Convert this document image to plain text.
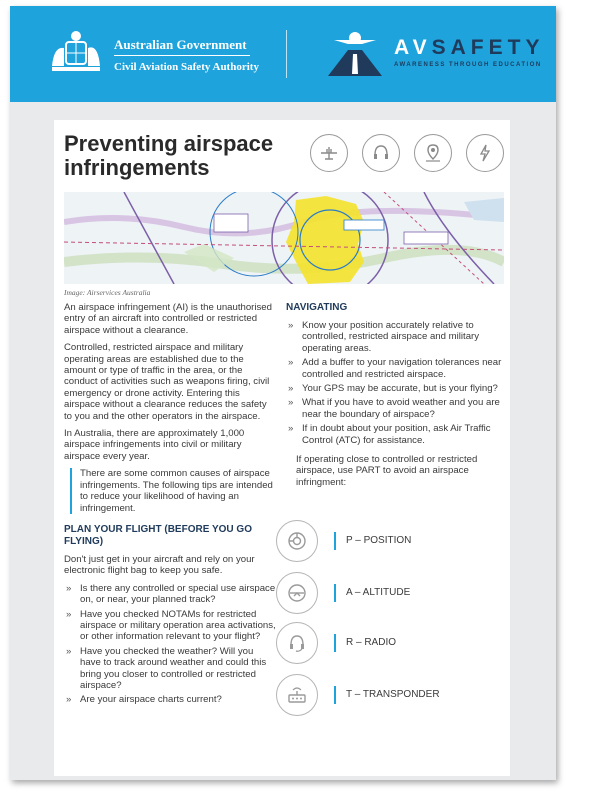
Australian Government
Civil Aviation Safety Authority
AVSAFETY
AWARENESS THROUGH EDUCATION
Preventing airspace infringements
Image: Airservices Australia

An airspace infringement (AI) is the unauthorised entry of an aircraft into controlled or restricted airspace without a clearance.

Controlled, restricted airspace and military operating areas are established due to the amount or type of traffic in the area, or the conduct of activities such as weapons firing, civil emergency or drone activity. Entering this airspace without a clearance reduces the safety to you and the other operators in the airspace.

In Australia, there are approximately 1,000 airspace infringements into civil or military airspace every year.

There are some common causes of airspace infringements. The following tips are intended to reduce your likelihood of having an infringement.
PLAN YOUR FLIGHT (BEFORE YOU GO FLYING)

Don't just get in your aircraft and rely on your electronic flight bag to keep you safe.

» Is there any controlled or special use airspace on, or near, your planned track?
» Have you checked NOTAMs for restricted airspace or military operation area activations, or other information relevant to your flight?
» Have you checked the weather? Will you have to track around weather and could this bring you closer to controlled or restricted airspace?
» Are your airspace charts current?
NAVIGATING
» Know your position accurately relative to controlled, restricted airspace and military operating areas.
» Add a buffer to your navigation tolerances near controlled and restricted airspace.
» Your GPS may be accurate, but is your flying?
» What if you have to avoid weather and you are near the boundary of airspace?
» If in doubt about your position, ask Air Traffic Control (ATC) for assistance.

If operating close to controlled or restricted airspace, use PART to avoid an airspace infringment:

P – POSITION
A – ALTITUDE
R – RADIO
T – TRANSPONDER
